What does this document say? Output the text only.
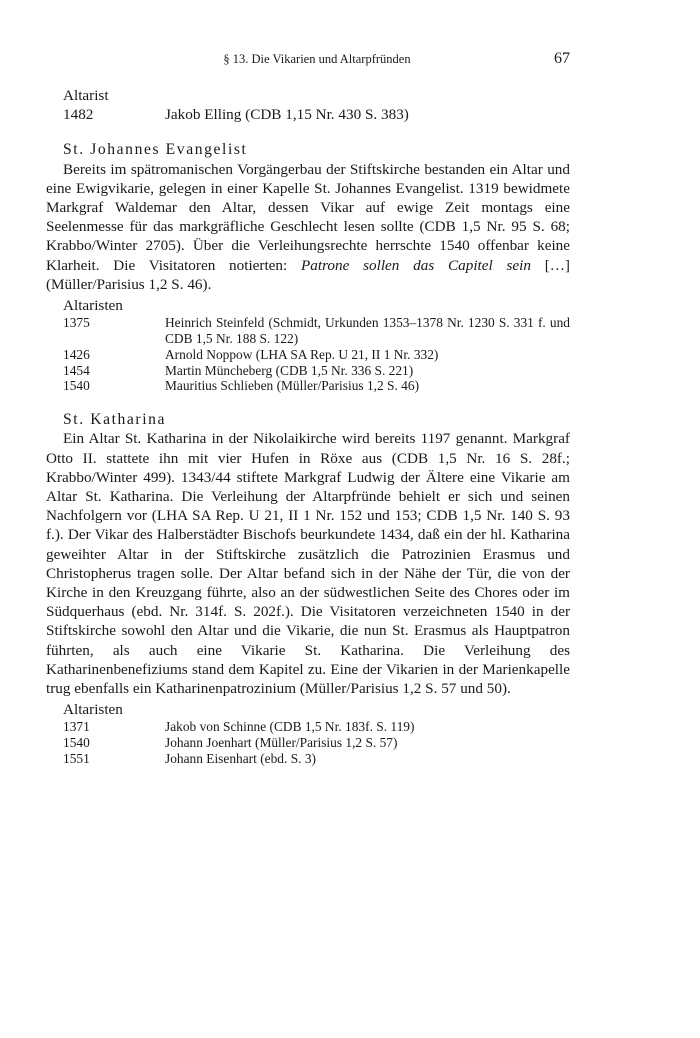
§ 13. Die Vikarien und Altarpfründen	67
Altarist
1482	Jakob Elling (CDB 1,15 Nr. 430 S. 383)
St. Johannes Evangelist

Bereits im spätromanischen Vorgängerbau der Stiftskirche bestanden ein Altar und eine Ewigvikarie, gelegen in einer Kapelle St. Johannes Evangelist. 1319 bewidmete Markgraf Waldemar den Altar, dessen Vikar auf ewige Zeit montags eine Seelenmesse für das markgräfliche Geschlecht lesen sollte (CDB 1,5 Nr. 95 S. 68; Krabbo/Winter 2705). Über die Verleihungsrechte herrschte 1540 offenbar keine Klarheit. Die Visitatoren notierten: Patrone sollen das Capitel sein […] (Müller/Parisius 1,2 S. 46).

Altaristen
1375	Heinrich Steinfeld (Schmidt, Urkunden 1353–1378 Nr. 1230 S. 331 f. und CDB 1,5 Nr. 188 S. 122)
1426	Arnold Noppow (LHA SA Rep. U 21, II 1 Nr. 332)
1454	Martin Müncheberg (CDB 1,5 Nr. 336 S. 221)
1540	Mauritius Schlieben (Müller/Parisius 1,2 S. 46)
St. Katharina

Ein Altar St. Katharina in der Nikolaikirche wird bereits 1197 genannt. Markgraf Otto II. stattete ihn mit vier Hufen in Röxe aus (CDB 1,5 Nr. 16 S. 28f.; Krabbo/Winter 499). 1343/44 stiftete Markgraf Ludwig der Ältere eine Vikarie am Altar St. Katharina. Die Verleihung der Altarpfründe behielt er sich und seinen Nachfolgern vor (LHA SA Rep. U 21, II 1 Nr. 152 und 153; CDB 1,5 Nr. 140 S. 93 f.). Der Vikar des Halberstädter Bischofs beurkundete 1434, daß ein der hl. Katharina geweihter Altar in der Stiftskirche zusätzlich die Patrozinien Erasmus und Christopherus tragen solle. Der Altar befand sich in der Nähe der Tür, die von der Kirche in den Kreuzgang führte, also an der südwestlichen Seite des Chores oder im Südquerhaus (ebd. Nr. 314f. S. 202f.). Die Visitatoren verzeichneten 1540 in der Stiftskirche sowohl den Altar und die Vikarie, die nun St. Erasmus als Hauptpatron führten, als auch eine Vikarie St. Katharina. Die Verleihung des Katharinenbenefiziums stand dem Kapitel zu. Eine der Vikarien in der Marienkapelle trug ebenfalls ein Katharinenpatrozinium (Müller/Parisius 1,2 S. 57 und 50).

Altaristen
1371	Jakob von Schinne (CDB 1,5 Nr. 183f. S. 119)
1540	Johann Joenhart (Müller/Parisius 1,2 S. 57)
1551	Johann Eisenhart (ebd. S. 3)
